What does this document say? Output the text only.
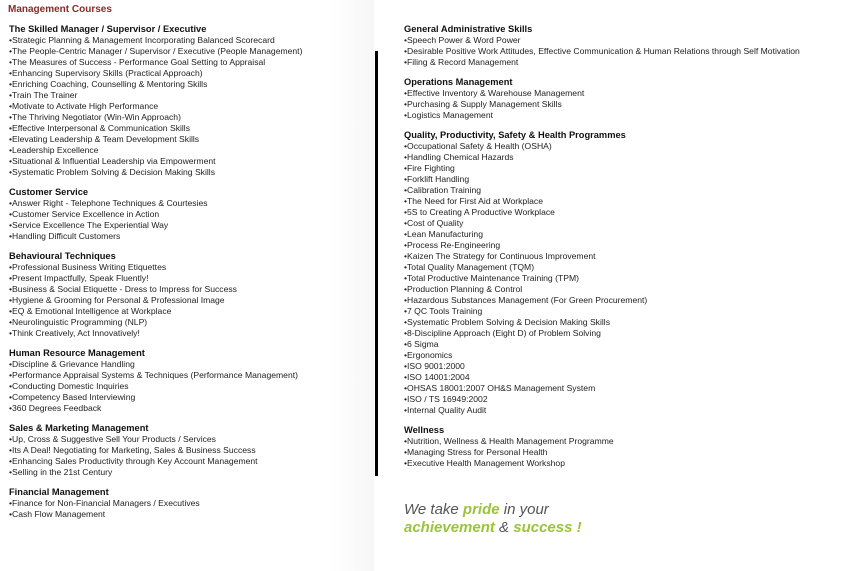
Management Courses
The Skilled Manager / Supervisor / Executive
• Strategic Planning & Management Incorporating Balanced Scorecard
• The People-Centric Manager / Supervisor / Executive (People Management)
• The Measures of Success - Performance Goal Setting to Appraisal
• Enhancing Supervisory Skills (Practical Approach)
• Enriching Coaching, Counselling & Mentoring Skills
• Train The Trainer
• Motivate to Activate High Performance
• The Thriving Negotiator (Win-Win Approach)
• Effective Interpersonal & Communication Skills
• Elevating Leadership & Team Development Skills
• Leadership Excellence
• Situational & Influential Leadership via Empowerment
• Systematic Problem Solving & Decision Making Skills
Customer Service
• Answer Right - Telephone Techniques & Courtesies
• Customer Service Excellence in Action
• Service Excellence The Experiential Way
• Handling Difficult Customers
Behavioural Techniques
• Professional Business Writing Etiquettes
• Present Impactfully, Speak Fluently!
• Business & Social Etiquette - Dress to Impress for Success
• Hygiene & Grooming for Personal & Professional Image
• EQ & Emotional Intelligence at Workplace
• Neurolinguistic Programming (NLP)
• Think Creatively, Act Innovatively!
Human Resource Management
• Discipline & Grievance Handling
• Performance Appraisal Systems & Techniques (Performance Management)
• Conducting Domestic Inquiries
• Competency Based Interviewing
• 360 Degrees Feedback
Sales & Marketing Management
• Up, Cross & Suggestive Sell Your Products / Services
• Its A Deal! Negotiating for Marketing, Sales & Business Success
• Enhancing Sales Productivity through Key Account Management
• Selling in the 21st Century
Financial Management
• Finance for Non-Financial Managers / Executives
• Cash Flow Management
General Administrative Skills
• Speech Power & Word Power
• Desirable Positive Work Attitudes, Effective Communication & Human Relations through Self Motivation
• Filing & Record Management
Operations Management
• Effective Inventory & Warehouse Management
• Purchasing & Supply Management Skills
• Logistics Management
Quality, Productivity, Safety & Health Programmes
• Occupational Safety & Health (OSHA)
• Handling Chemical Hazards
• Fire Fighting
• Forklift Handling
• Calibration Training
• The Need for First Aid at Workplace
• 5S to Creating A Productive Workplace
• Cost of Quality
• Lean Manufacturing
• Process Re-Engineering
• Kaizen The Strategy for Continuous Improvement
• Total Quality Management (TQM)
• Total Productive Maintenance Training (TPM)
• Production Planning & Control
• Hazardous Substances Management (For Green Procurement)
• 7 QC Tools Training
• Systematic Problem Solving & Decision Making Skills
• 8-Discipline Approach (Eight D) of Problem Solving
• 6 Sigma
• Ergonomics
• ISO 9001:2000
• ISO 14001:2004
• OHSAS 18001:2007 OH&S Management System
• ISO / TS 16949:2002
• Internal Quality Audit
Wellness
• Nutrition, Wellness & Health Management Programme
• Managing Stress for Personal Health
• Executive Health Management Workshop
We take pride in your
achievement & success !
